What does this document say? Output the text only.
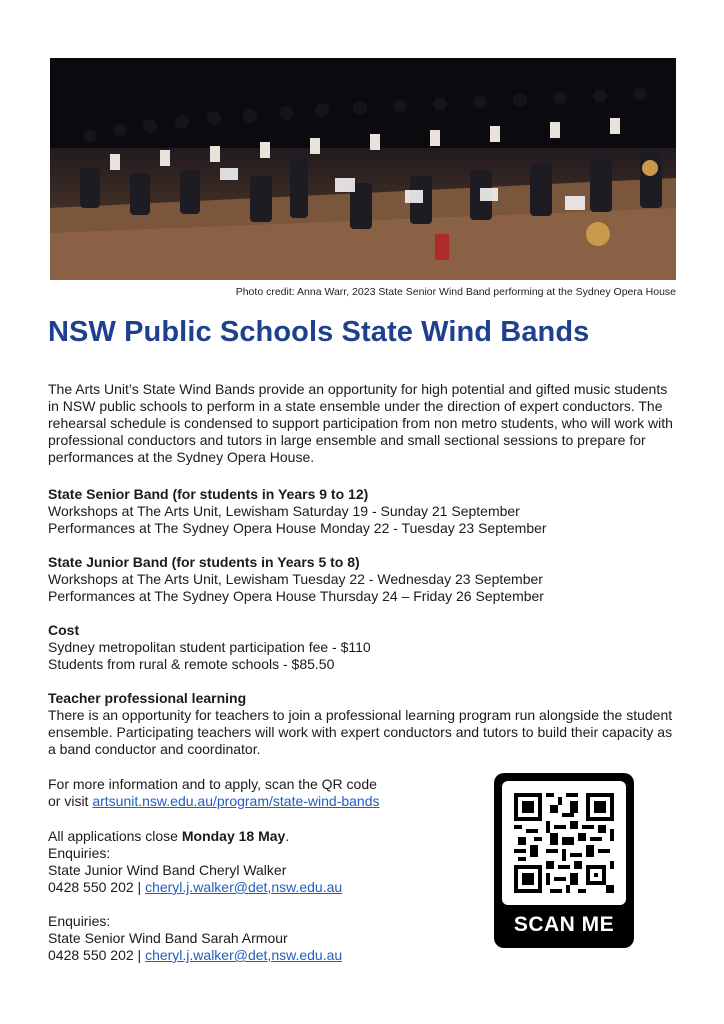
Photo credit: Anna Warr, 2023 State Senior Wind Band performing at the Sydney Opera House
NSW Public Schools State Wind Bands

The Arts Unit’s State Wind Bands provide an opportunity for high potential and gifted music students in NSW public schools to perform in a state ensemble under the direction of expert conductors. The rehearsal schedule is condensed to support participation from non metro students, who will work with professional conductors and tutors in large ensemble and small sectional sessions to prepare for performances at the Sydney Opera House.

State Senior Band (for students in Years 9 to 12)

Workshops at The Arts Unit, Lewisham Saturday 19 - Sunday 21 September

Performances at The Sydney Opera House Monday 22 - Tuesday 23 September

State Junior Band (for students in Years 5 to 8)

Workshops at The Arts Unit, Lewisham Tuesday 22 - Wednesday 23 September

Performances at The Sydney Opera House Thursday 24 – Friday 26 September

Cost

Sydney metropolitan student participation fee - $110

Students from rural & remote schools - $85.50

Teacher professional learning

There is an opportunity for teachers to join a professional learning program run alongside the student ensemble. Participating teachers will work with expert conductors and tutors to build their capacity as a band conductor and coordinator.

For more information and to apply, scan the QR code

or visit artsunit.nsw.edu.au/program/state-wind-bands

All applications close Monday 18 May.

Enquiries:

State Junior Wind Band Cheryl Walker

0428 550 202 | cheryl.j.walker@det,nsw.edu.au

Enquiries:

State Senior Wind Band Sarah Armour

0428 550 202 | cheryl.j.walker@det,nsw.edu.au

SCAN ME
